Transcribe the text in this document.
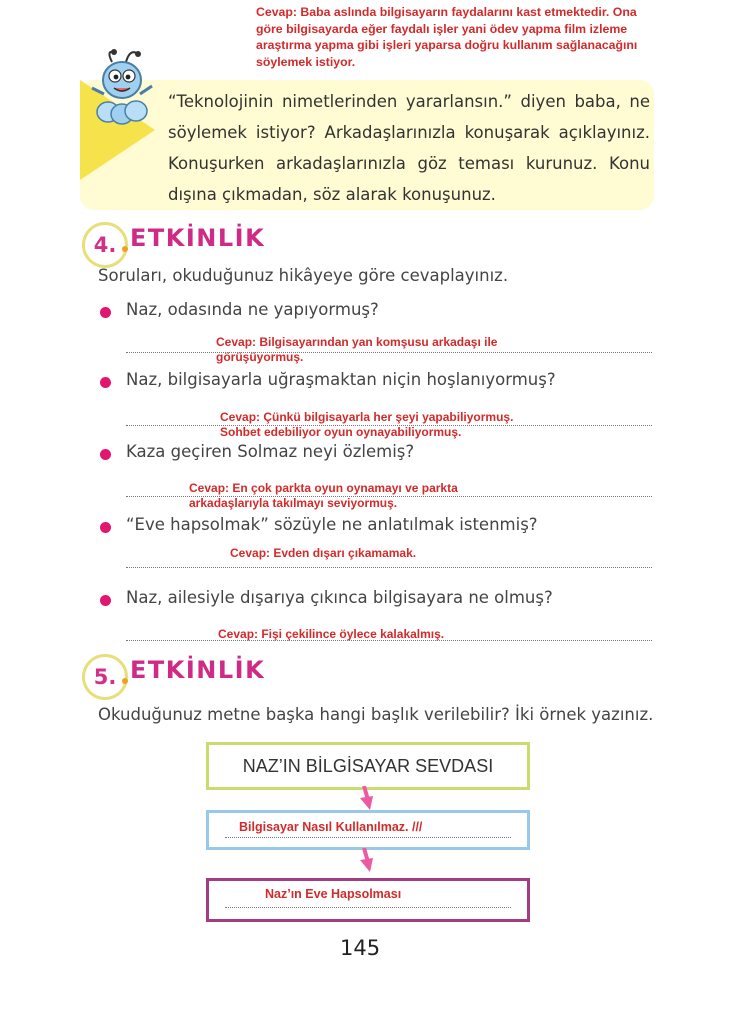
Cevap: Baba aslında bilgisayarın faydalarını kast etmektedir. Ona göre bilgisayarda eğer faydalı işler yani ödev yapma film izleme araştırma yapma gibi işleri yaparsa doğru kullanım sağlanacağını söylemek istiyor.
“Teknolojinin nimetlerinden yararlansın.” diyen baba, ne söylemek istiyor? Arkadaşlarınızla konuşarak açıklayınız. Konuşurken arkadaşlarınızla göz teması kurunuz. Konu dışına çıkmadan, söz alarak konuşunuz.
4. ETKİNLİK
Soruları, okuduğunuz hikâyeye göre cevaplayınız.
Naz, odasında ne yapıyormuş?
Cevap: Bilgisayarından yan komşusu arkadaşı ile görüşüyormuş.
Naz, bilgisayarla uğraşmaktan niçin hoşlanıyormuş?
Cevap: Çünkü bilgisayarla her şeyi yapabiliyormuş. Sohbet edebiliyor oyun oynayabiliyormuş.
Kaza geçiren Solmaz neyi özlemiş?
Cevap: En çok parkta oyun oynamayı ve parkta arkadaşlarıyla takılmayı seviyormuş.
“Eve hapsolmak” sözüyle ne anlatılmak istenmiş?
Cevap: Evden dışarı çıkamamak.
Naz, ailesiyle dışarıya çıkınca bilgisayara ne olmuş?
Cevap: Fişi çekilince öylece kalakalmış.
5. ETKİNLİK
Okuduğunuz metne başka hangi başlık verilebilir? İki örnek yazınız.
NAZ’IN BİLGİSAYAR SEVDASI
Bilgisayar Nasıl Kullanılmaz. ///
Naz’ın Eve Hapsolması
145
